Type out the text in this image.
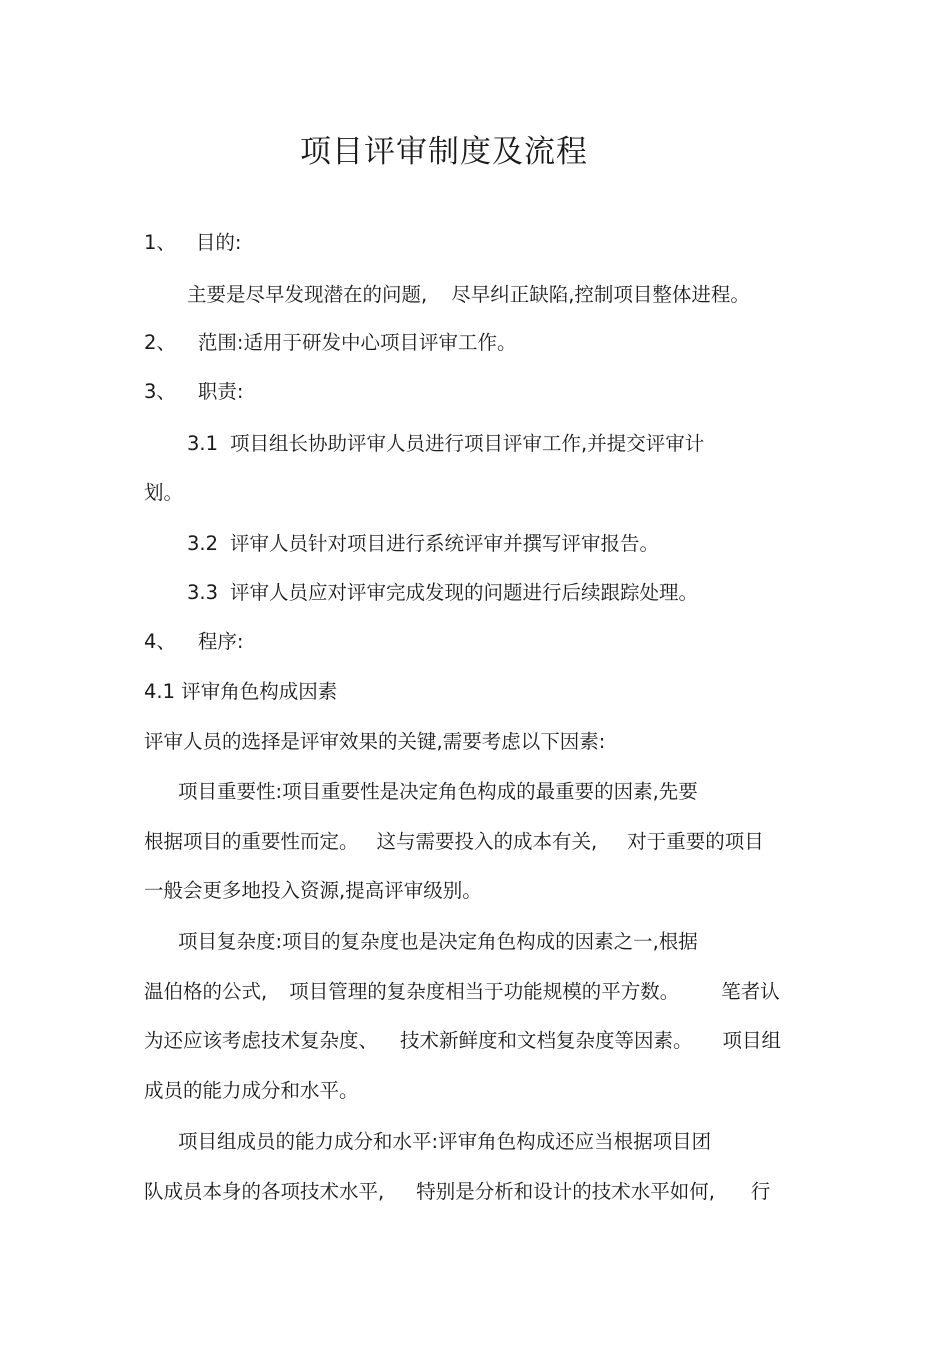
项目评审制度及流程
1、 目的:
主要是尽早发现潜在的问题, 尽早纠正缺陷,控制项目整体进程。
2、 范围:适用于研发中心项目评审工作。
3、 职责:
3.1 项目组长协助评审人员进行项目评审工作,并提交评审计
划。
3.2 评审人员针对项目进行系统评审并撰写评审报告。
3.3 评审人员应对评审完成发现的问题进行后续跟踪处理。
4、 程序:
4.1 评审角色构成因素
评审人员的选择是评审效果的关键,需要考虑以下因素:
项目重要性:项目重要性是决定角色构成的最重要的因素,先要
根据项目的重要性而定。 这与需要投入的成本有关, 对于重要的项目
一般会更多地投入资源,提高评审级别。
项目复杂度:项目的复杂度也是决定角色构成的因素之一,根据
温伯格的公式, 项目管理的复杂度相当于功能规模的平方数。 笔者认
为还应该考虑技术复杂度、 技术新鲜度和文档复杂度等因素。 项目组
成员的能力成分和水平。
项目组成员的能力成分和水平:评审角色构成还应当根据项目团
队成员本身的各项技术水平, 特别是分析和设计的技术水平如何, 行
